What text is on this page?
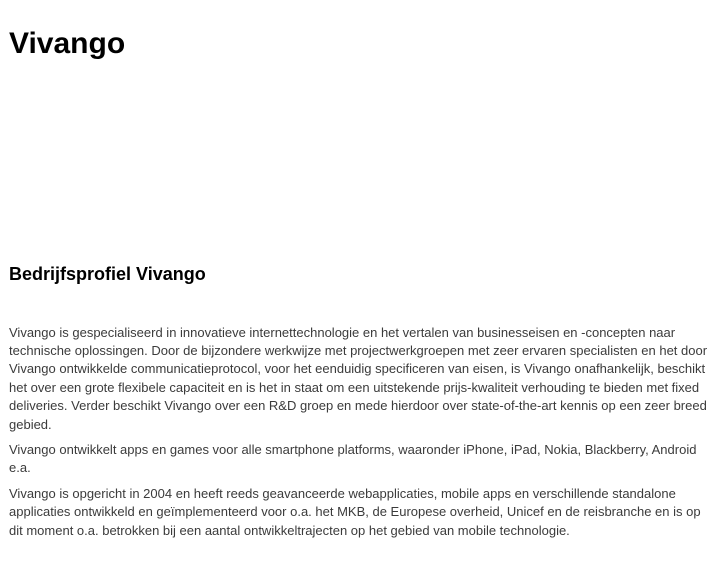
Vivango
Bedrijfsprofiel Vivango

Vivango is gespecialiseerd in innovatieve internettechnologie en het vertalen van businesseisen en -concepten naar technische oplossingen. Door de bijzondere werkwijze met projectwerkgroepen met zeer ervaren specialisten en het door Vivango ontwikkelde communicatieprotocol, voor het eenduidig specificeren van eisen, is Vivango onafhankelijk, beschikt het over een grote flexibele capaciteit en is het in staat om een uitstekende prijs-kwaliteit verhouding te bieden met fixed deliveries. Verder beschikt Vivango over een R&D groep en mede hierdoor over state-of-the-art kennis op een zeer breed gebied.

Vivango ontwikkelt apps en games voor alle smartphone platforms, waaronder iPhone, iPad, Nokia, Blackberry, Android e.a.

Vivango is opgericht in 2004 en heeft reeds geavanceerde webapplicaties, mobile apps en verschillende standalone applicaties ontwikkeld en geïmplementeerd voor o.a. het MKB, de Europese overheid, Unicef en de reisbranche en is op dit moment o.a. betrokken bij een aantal ontwikkeltrajecten op het gebied van mobile technologie.
